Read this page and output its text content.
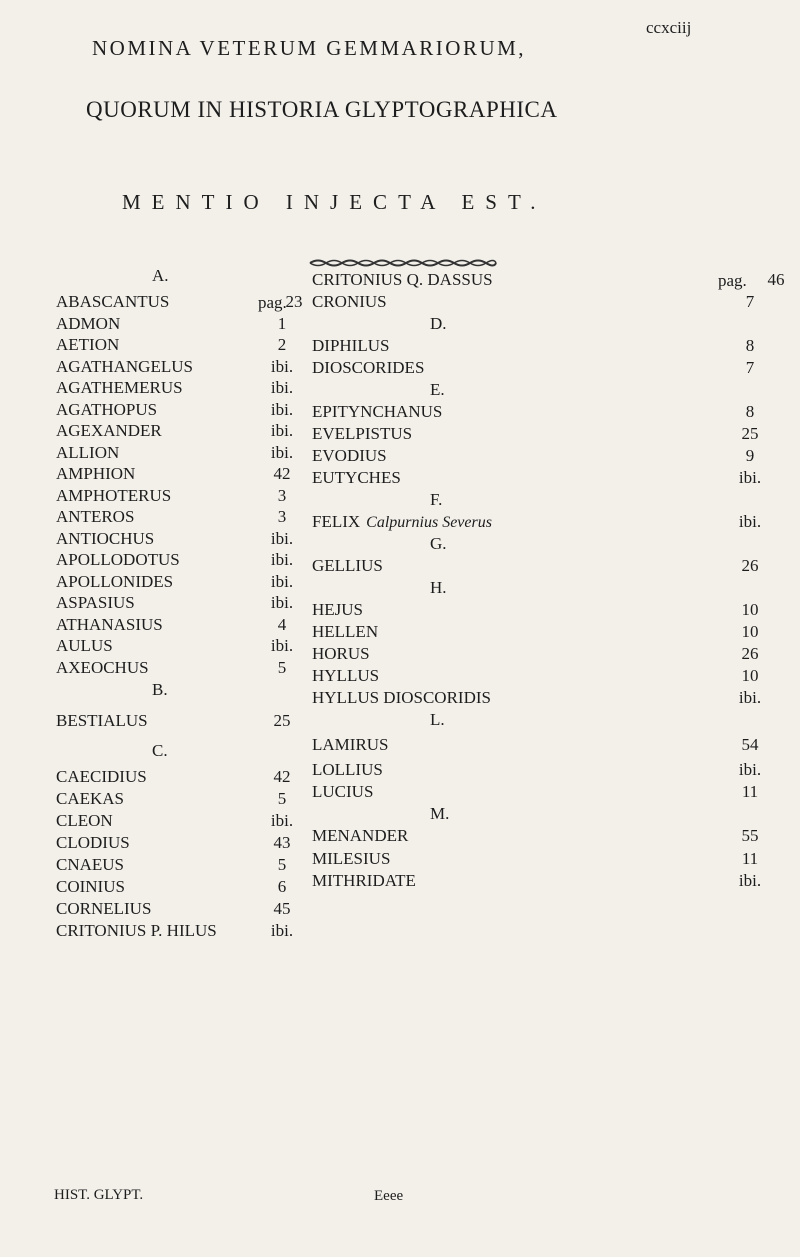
ccxciij
NOMINA VETERUM GEMMARIORUM,
QUORUM IN HISTORIA GLYPTOGRAPHICA
MENTIO INJECTA EST.
A.
pag.
ABASCANTUS	23
ADMON	1
AETION	2
AGATHANGELUS	ibi.
AGATHEMERUS	ibi.
AGATHOPUS	ibi.
AGEXANDER	ibi.
ALLION	ibi.
AMPHION	42
AMPHOTERUS	3
ANTEROS	3
ANTIOCHUS	ibi.
APOLLODOTUS	ibi.
APOLLONIDES	ibi.
ASPASIUS	ibi.
ATHANASIUS	4
AULUS	ibi.
AXEOCHUS	5
B.
BESTIALUS	25
C.
CAECIDIUS	42
CAEKAS	5
CLEON	ibi.
CLODIUS	43
CNAEUS	5
COINIUS	6
CORNELIUS	45
CRITONIUS P. HILUS	ibi.
pag.
CRITONIUS Q. DASSUS	46
CRONIUS	7
D.
DIPHILUS	8
DIOSCORIDES	7
E.
EPITYNCHANUS	8
EVELPISTUS	25
EVODIUS	9
EUTYCHES	ibi.
F.
FELIX Calpurnius Severus	ibi.
G.
GELLIUS	26
H.
HEJUS	10
HELLEN	10
HORUS	26
HYLLUS	10
HYLLUS DIOSCORIDIS	ibi.
L.
LAMIRUS	54
LOLLIUS	ibi.
LUCIUS	11
M.
MENANDER	55
MILESIUS	11
MITHRIDATE	ibi.
HIST. GLYPT.	Eeee
